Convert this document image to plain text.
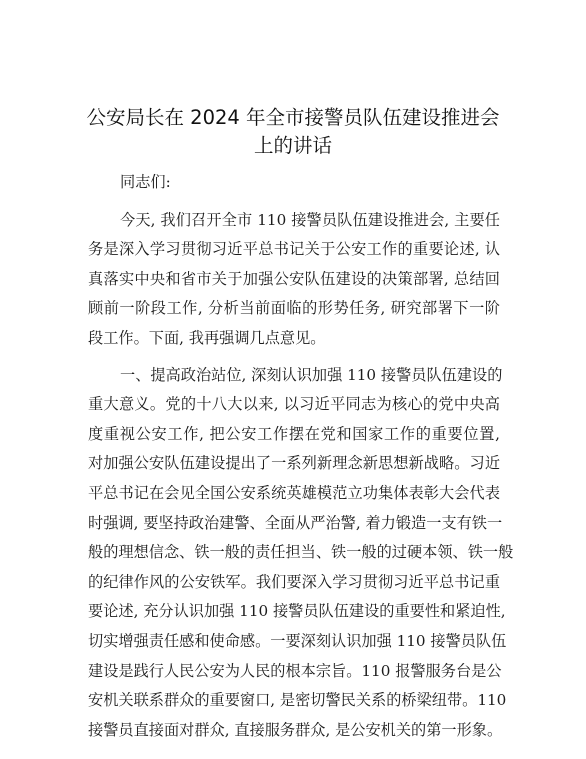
公安局长在 2024 年全市接警员队伍建设推进会
上的讲话

同志们:

今天, 我们召开全市 110 接警员队伍建设推进会, 主要任
务是深入学习贯彻习近平总书记关于公安工作的重要论述, 认
真落实中央和省市关于加强公安队伍建设的决策部署, 总结回
顾前一阶段工作, 分析当前面临的形势任务, 研究部署下一阶
段工作。下面, 我再强调几点意见。

一、提高政治站位, 深刻认识加强 110 接警员队伍建设的
重大意义。党的十八大以来, 以习近平同志为核心的党中央高
度重视公安工作, 把公安工作摆在党和国家工作的重要位置,
对加强公安队伍建设提出了一系列新理念新思想新战略。习近
平总书记在会见全国公安系统英雄模范立功集体表彰大会代表
时强调, 要坚持政治建警、全面从严治警, 着力锻造一支有铁一
般的理想信念、铁一般的责任担当、铁一般的过硬本领、铁一般
的纪律作风的公安铁军。我们要深入学习贯彻习近平总书记重
要论述, 充分认识加强 110 接警员队伍建设的重要性和紧迫性,
切实增强责任感和使命感。一要深刻认识加强 110 接警员队伍
建设是践行人民公安为人民的根本宗旨。110 报警服务台是公
安机关联系群众的重要窗口, 是密切警民关系的桥梁纽带。110
接警员直接面对群众, 直接服务群众, 是公安机关的第一形象。
